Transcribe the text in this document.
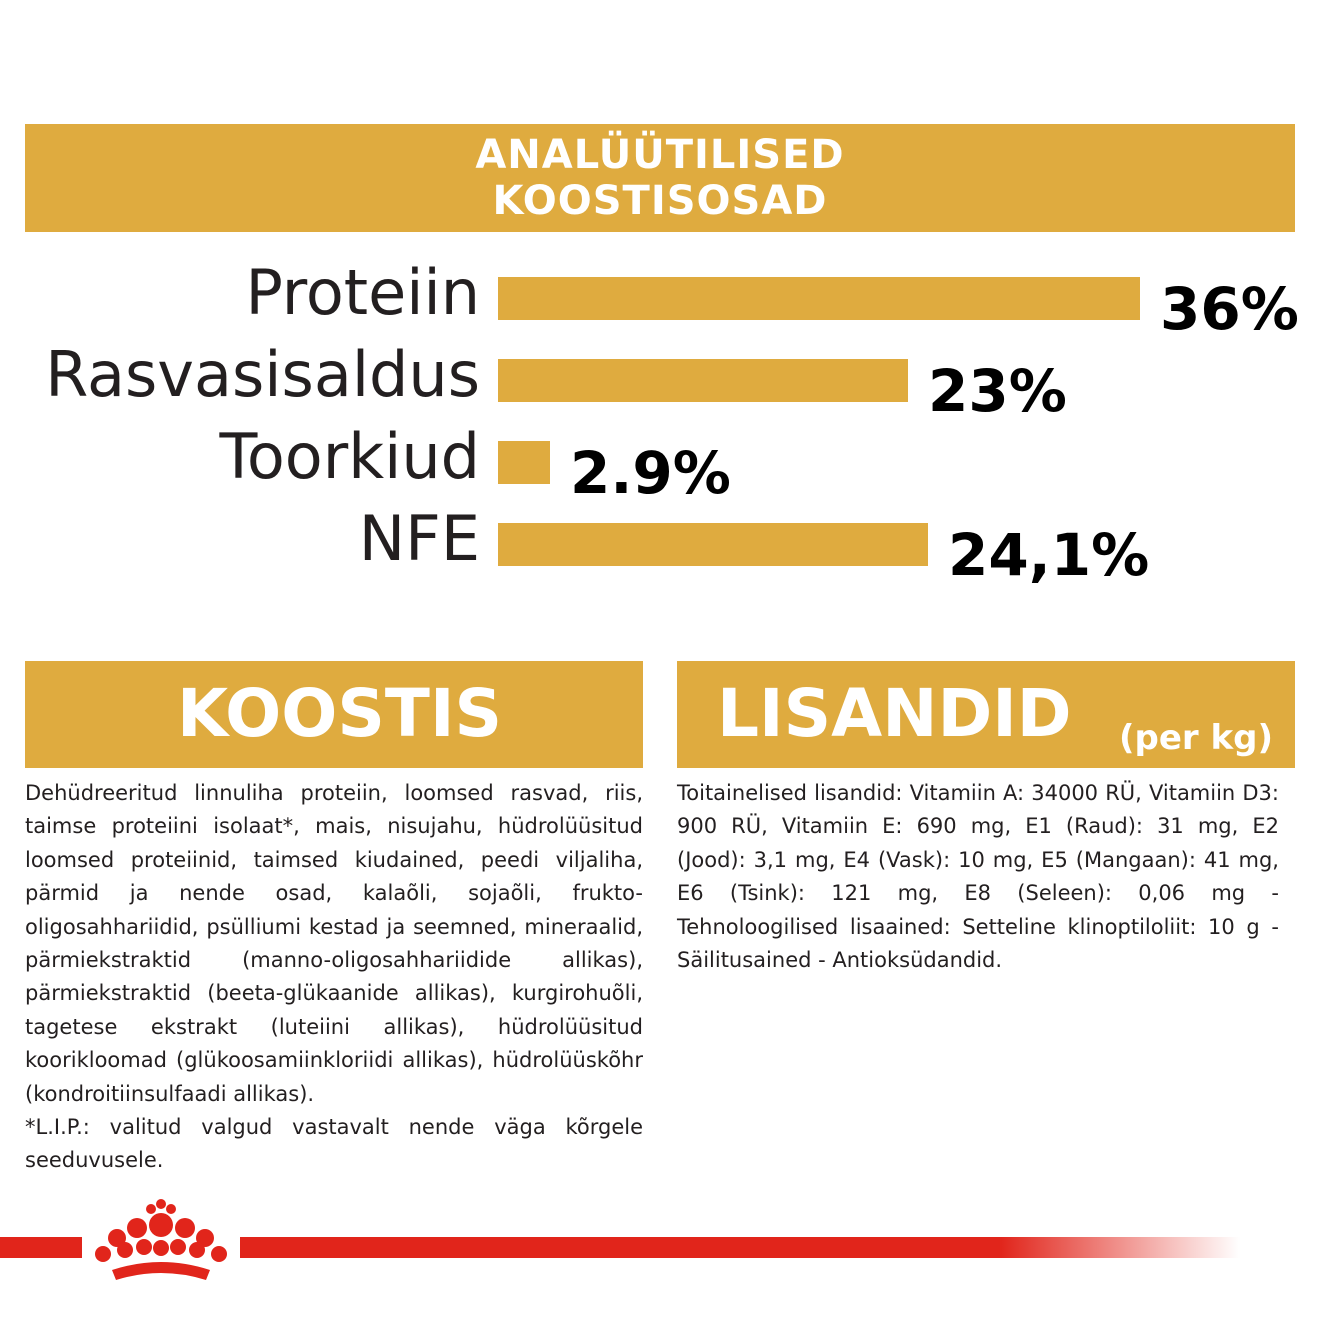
ANALÜÜTILISED
KOOSTISOSAD
Proteiin	36%
Rasvasisaldus	23%
Toorkiud 2.9%
NFE	24,1%
KOOSTIS

Dehüdreeritud linnuliha proteiin, loomsed rasvad, riis, taimse proteiini isolaat*, mais, nisujahu, hüdrolüüsitud loomsed proteiinid, taimsed kiudained, peedi viljaliha, pärmid ja nende osad, kalaõli, sojaõli, frukto-oligosahhariidid, psülliumi kestad ja seemned, mineraalid, pärmiekstraktid (manno-oligosahhariidide allikas), pärmiekstraktid (beeta-glükaanide allikas), kurgirohuõli, tagetese ekstrakt (luteiini allikas), hüdrolüüsitud koorikloomad (glükoosamiinkloriidi allikas), hüdrolüüskõhr (kondroitiinsulfaadi allikas).

*L.I.P.: valitud valgud vastavalt nende väga kõrgele seeduvusele.

LISANDID (per kg)

Toitainelised lisandid: Vitamiin A: 34000 RÜ, Vitamiin D3: 900 RÜ, Vitamiin E: 690 mg, E1 (Raud): 31 mg, E2 (Jood): 3,1 mg, E4 (Vask): 10 mg, E5 (Mangaan): 41 mg, E6 (Tsink): 121 mg, E8 (Seleen): 0,06 mg - Tehnoloogilised lisaained: Setteline klinoptiloliit: 10 g - Säilitusained - Antioksüdandid.
